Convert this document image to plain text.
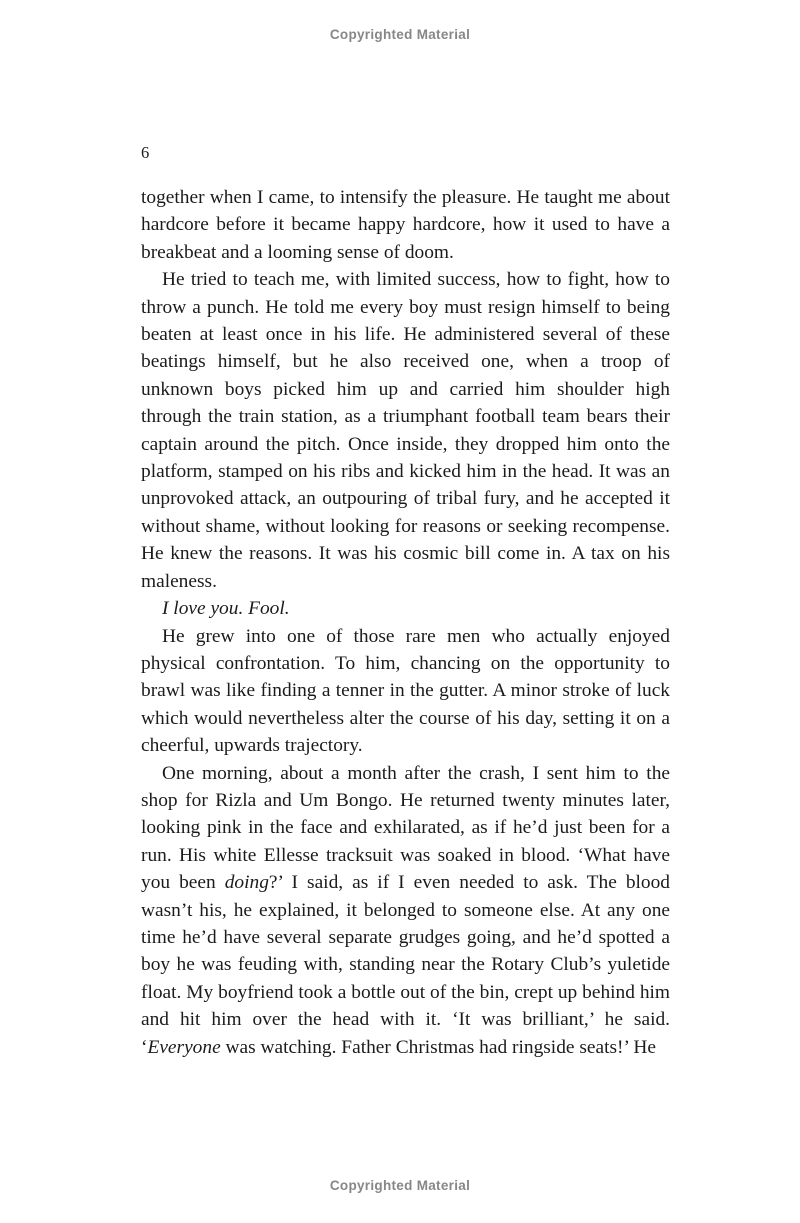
Copyrighted Material
6

together when I came, to intensify the pleasure. He taught me about hardcore before it became happy hardcore, how it used to have a breakbeat and a looming sense of doom.

He tried to teach me, with limited success, how to fight, how to throw a punch. He told me every boy must resign himself to being beaten at least once in his life. He administered several of these beatings himself, but he also received one, when a troop of unknown boys picked him up and carried him shoulder high through the train station, as a triumphant football team bears their captain around the pitch. Once inside, they dropped him onto the platform, stamped on his ribs and kicked him in the head. It was an unprovoked attack, an outpouring of tribal fury, and he accepted it without shame, without looking for reasons or seeking recompense. He knew the reasons. It was his cosmic bill come in. A tax on his maleness.

I love you. Fool.

He grew into one of those rare men who actually enjoyed physical confrontation. To him, chancing on the opportunity to brawl was like finding a tenner in the gutter. A minor stroke of luck which would nevertheless alter the course of his day, setting it on a cheerful, upwards trajectory.

One morning, about a month after the crash, I sent him to the shop for Rizla and Um Bongo. He returned twenty minutes later, looking pink in the face and exhilarated, as if he’d just been for a run. His white Ellesse tracksuit was soaked in blood. ‘What have you been doing?’ I said, as if I even needed to ask. The blood wasn’t his, he explained, it belonged to someone else. At any one time he’d have several separate grudges going, and he’d spotted a boy he was feuding with, standing near the Rotary Club’s yuletide float. My boyfriend took a bottle out of the bin, crept up behind him and hit him over the head with it. ‘It was brilliant,’ he said. ‘Everyone was watching. Father Christmas had ringside seats!’ He

Copyrighted Material
